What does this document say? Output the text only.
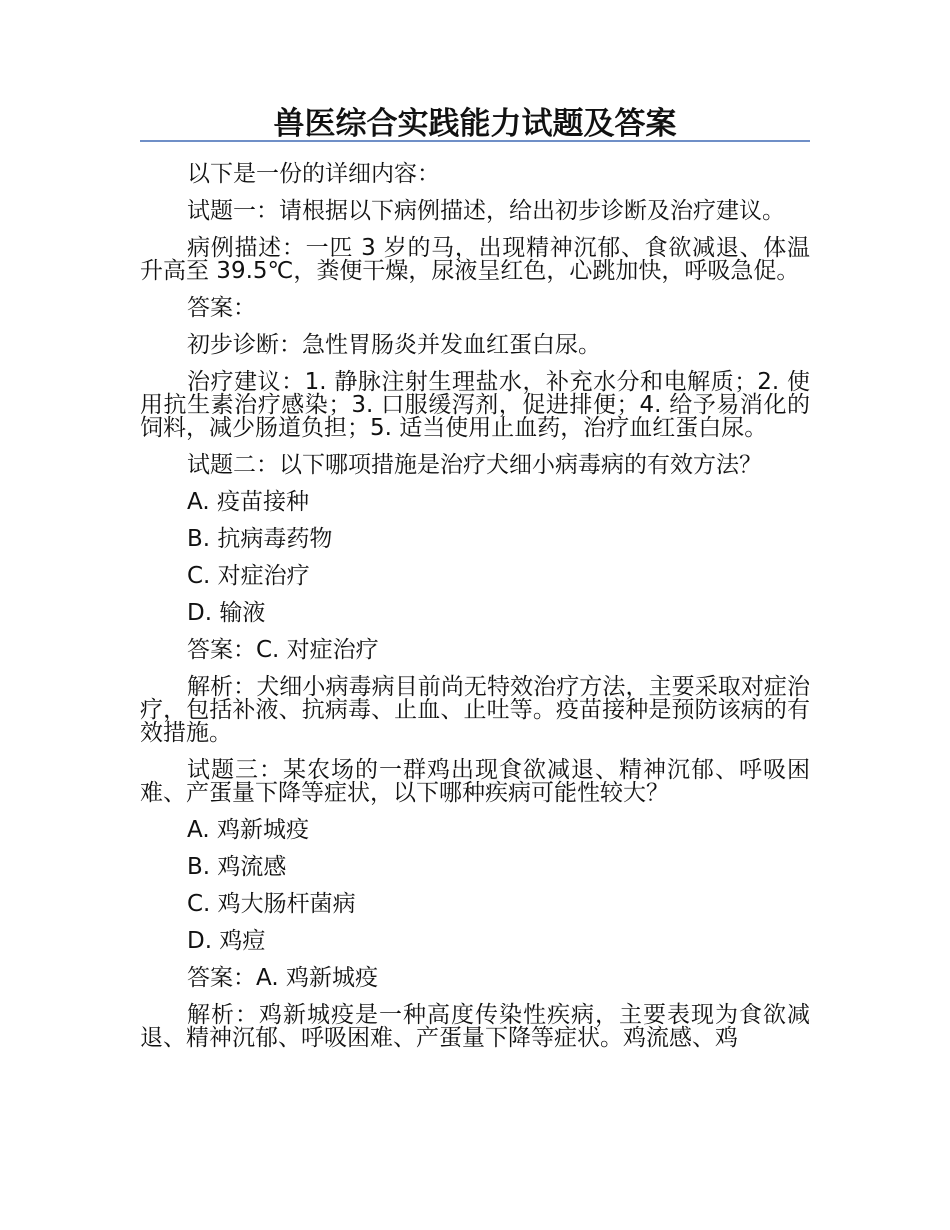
兽医综合实践能力试题及答案

以下是一份的详细内容：

试题一：请根据以下病例描述，给出初步诊断及治疗建议。

病例描述：一匹 3 岁的马，出现精神沉郁、食欲减退、体温升高至 39.5℃，粪便干燥，尿液呈红色，心跳加快，呼吸急促。

答案：

初步诊断：急性胃肠炎并发血红蛋白尿。

治疗建议：1. 静脉注射生理盐水，补充水分和电解质；2. 使用抗生素治疗感染；3. 口服缓泻剂，促进排便；4. 给予易消化的饲料，减少肠道负担；5. 适当使用止血药，治疗血红蛋白尿。

试题二：以下哪项措施是治疗犬细小病毒病的有效方法？

A. 疫苗接种

B. 抗病毒药物

C. 对症治疗

D. 输液

答案：C. 对症治疗

解析：犬细小病毒病目前尚无特效治疗方法，主要采取对症治疗，包括补液、抗病毒、止血、止吐等。疫苗接种是预防该病的有效措施。

试题三：某农场的一群鸡出现食欲减退、精神沉郁、呼吸困难、产蛋量下降等症状，以下哪种疾病可能性较大？

A. 鸡新城疫

B. 鸡流感

C. 鸡大肠杆菌病

D. 鸡痘

答案：A. 鸡新城疫

解析：鸡新城疫是一种高度传染性疾病，主要表现为食欲减退、精神沉郁、呼吸困难、产蛋量下降等症状。鸡流感、鸡
